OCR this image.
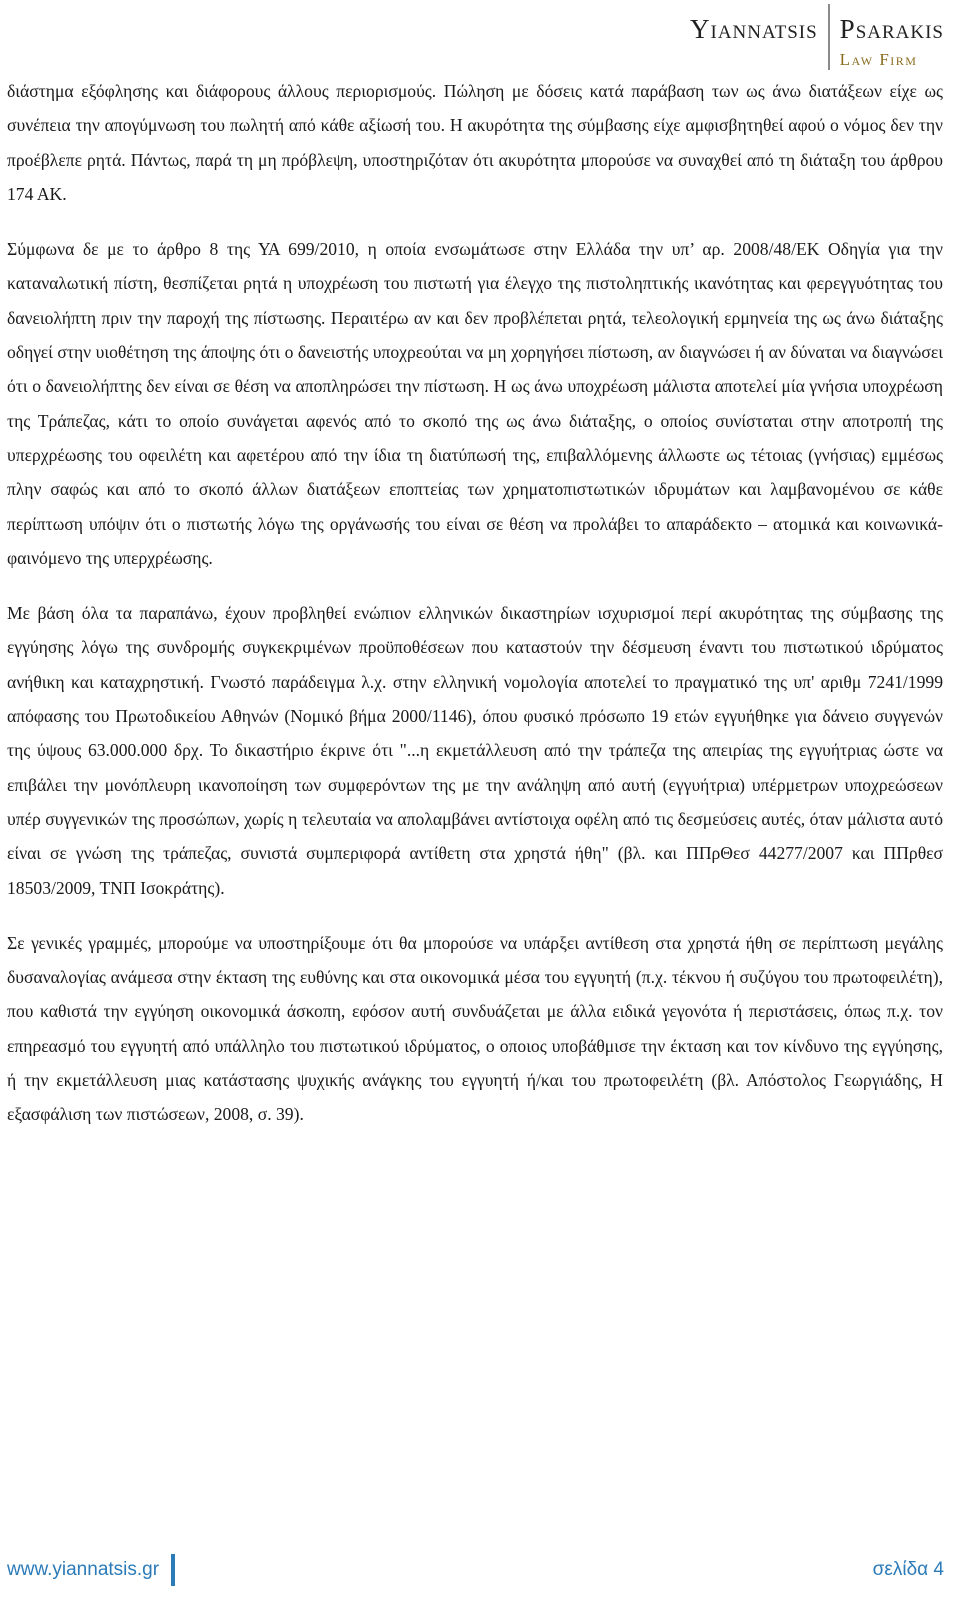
Yiannatsis Psarakis
Law Firm

διάστημα εξόφλησης και διάφορους άλλους περιορισμούς. Πώληση με δόσεις κατά παράβαση των ως άνω διατάξεων είχε ως συνέπεια την απογύμνωση του πωλητή από κάθε αξίωσή του. Η ακυρότητα της σύμβασης είχε αμφισβητηθεί αφού ο νόμος δεν την προέβλεπε ρητά. Πάντως, παρά τη μη πρόβλεψη, υποστηριζόταν ότι ακυρότητα μπορούσε να συναχθεί από τη διάταξη του άρθρου 174 ΑΚ.

Σύμφωνα δε με το άρθρο 8 της ΥΑ 699/2010, η οποία ενσωμάτωσε στην Ελλάδα την υπ’ αρ. 2008/48/ΕΚ Οδηγία για την καταναλωτική πίστη, θεσπίζεται ρητά η υποχρέωση του πιστωτή για έλεγχο της πιστοληπτικής ικανότητας και φερεγγυότητας του δανειολήπτη πριν την παροχή της πίστωσης. Περαιτέρω αν και δεν προβλέπεται ρητά, τελεολογική ερμηνεία της ως άνω διάταξης οδηγεί στην υιοθέτηση της άποψης ότι ο δανειστής υποχρεούται να μη χορηγήσει πίστωση, αν διαγνώσει ή αν δύναται να διαγνώσει ότι ο δανειολήπτης δεν είναι σε θέση να αποπληρώσει την πίστωση. Η ως άνω υποχρέωση μάλιστα αποτελεί μία γνήσια υποχρέωση της Τράπεζας, κάτι το οποίο συνάγεται αφενός από το σκοπό της ως άνω διάταξης, ο οποίος συνίσταται στην αποτροπή της υπερχρέωσης του οφειλέτη και αφετέρου από την ίδια τη διατύπωσή της, επιβαλλόμενης άλλωστε ως τέτοιας (γνήσιας) εμμέσως πλην σαφώς και από το σκοπό άλλων διατάξεων εποπτείας των χρηματοπιστωτικών ιδρυμάτων και λαμβανομένου σε κάθε περίπτωση υπόψιν ότι ο πιστωτής λόγω της οργάνωσής του είναι σε θέση να προλάβει το απαράδεκτο – ατομικά και κοινωνικά- φαινόμενο της υπερχρέωσης.

Με βάση όλα τα παραπάνω, έχουν προβληθεί ενώπιον ελληνικών δικαστηρίων ισχυρισμοί περί ακυρότητας της σύμβασης της εγγύησης λόγω της συνδρομής συγκεκριμένων προϋποθέσεων που καταστούν την δέσμευση έναντι του πιστωτικού ιδρύματος ανήθικη και καταχρηστική. Γνωστό παράδειγμα λ.χ. στην ελληνική νομολογία αποτελεί το πραγματικό της υπ' αριθμ 7241/1999 απόφασης του Πρωτοδικείου Αθηνών (Νομικό βήμα 2000/1146), όπου φυσικό πρόσωπο 19 ετών εγγυήθηκε για δάνειο συγγενών της ύψους 63.000.000 δρχ. Το δικαστήριο έκρινε ότι "...η εκμετάλλευση από την τράπεζα της απειρίας της εγγυήτριας ώστε να επιβάλει την μονόπλευρη ικανοποίηση των συμφερόντων της με την ανάληψη από αυτή (εγγυήτρια) υπέρμετρων υποχρεώσεων υπέρ συγγενικών της προσώπων, χωρίς η τελευταία να απολαμβάνει αντίστοιχα οφέλη από τις δεσμεύσεις αυτές, όταν μάλιστα αυτό είναι σε γνώση της τράπεζας, συνιστά συμπεριφορά αντίθετη στα χρηστά ήθη" (βλ. και ΠΠρΘεσ 44277/2007 και ΠΠρθεσ 18503/2009, ΤΝΠ Ισοκράτης).

Σε γενικές γραμμές, μπορούμε να υποστηρίξουμε ότι θα μπορούσε να υπάρξει αντίθεση στα χρηστά ήθη σε περίπτωση μεγάλης δυσαναλογίας ανάμεσα στην έκταση της ευθύνης και στα οικονομικά μέσα του εγγυητή (π.χ. τέκνου ή συζύγου του πρωτοφειλέτη), που καθιστά την εγγύηση οικονομικά άσκοπη, εφόσον αυτή συνδυάζεται με άλλα ειδικά γεγονότα ή περιστάσεις, όπως π.χ. τον επηρεασμό του εγγυητή από υπάλληλο του πιστωτικού ιδρύματος, ο οποιος υποβάθμισε την έκταση και τον κίνδυνο της εγγύησης, ή την εκμετάλλευση μιας κατάστασης ψυχικής ανάγκης του εγγυητή ή/και του πρωτοφειλέτη (βλ. Απόστολος Γεωργιάδης, Η εξασφάλιση των πιστώσεων, 2008, σ. 39).

www.yiannatsis.gr	σελίδα 4
